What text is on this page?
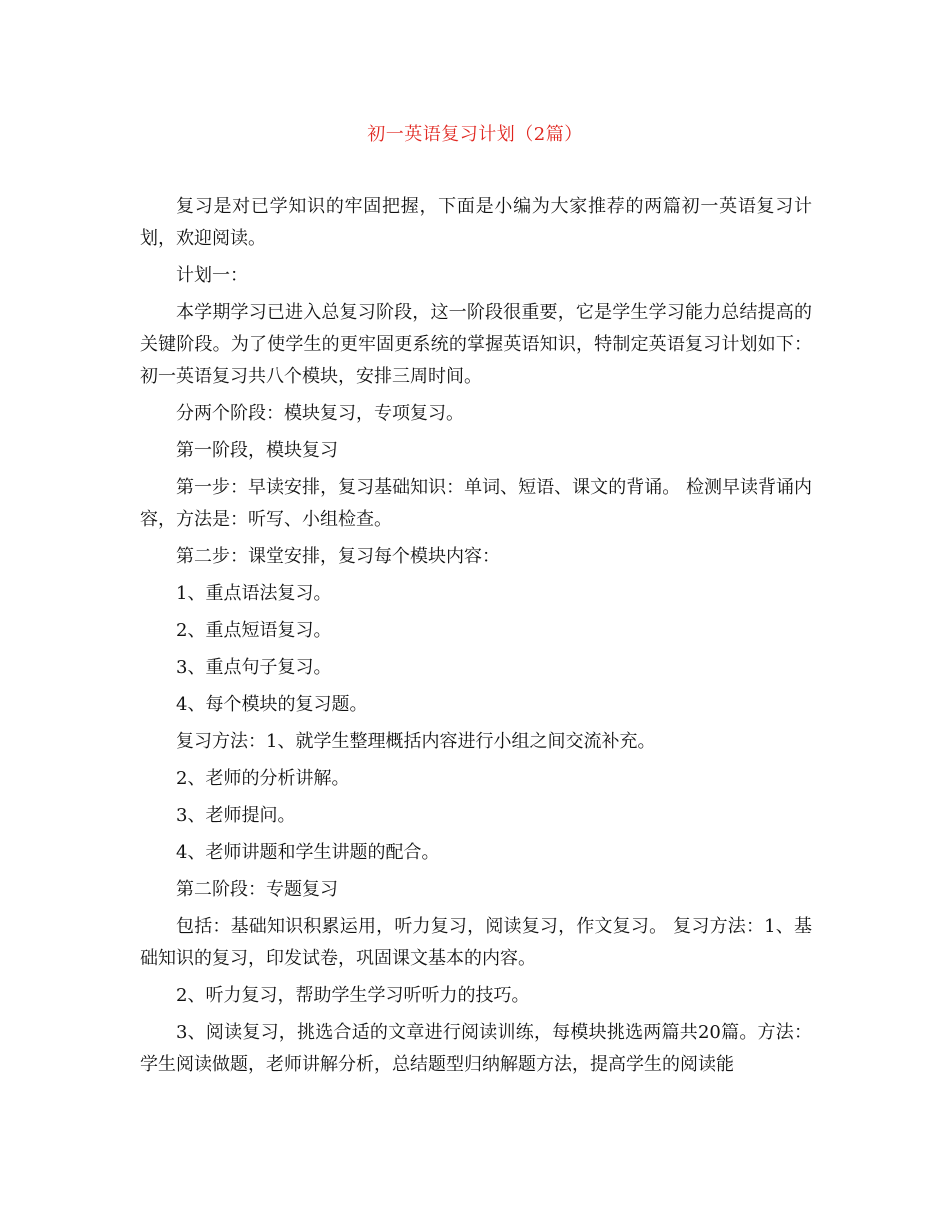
初一英语复习计划（2篇）

复习是对已学知识的牢固把握，下面是小编为大家推荐的两篇初一英语复习计划，欢迎阅读。

计划一：

本学期学习已进入总复习阶段，这一阶段很重要，它是学生学习能力总结提高的关键阶段。为了使学生的更牢固更系统的掌握英语知识，特制定英语复习计划如下： 初一英语复习共八个模块，安排三周时间。

分两个阶段：模块复习，专项复习。

第一阶段，模块复习

第一步：早读安排，复习基础知识：单词、短语、课文的背诵。 检测早读背诵内容，方法是：听写、小组检查。

第二步：课堂安排，复习每个模块内容：

1、重点语法复习。

2、重点短语复习。

3、重点句子复习。

4、每个模块的复习题。

复习方法：1、就学生整理概括内容进行小组之间交流补充。

2、老师的分析讲解。

3、老师提问。

4、老师讲题和学生讲题的配合。

第二阶段：专题复习

包括：基础知识积累运用，听力复习，阅读复习，作文复习。 复习方法：1、基础知识的复习，印发试卷，巩固课文基本的内容。

2、听力复习，帮助学生学习听听力的技巧。

3、阅读复习，挑选合适的文章进行阅读训练，每模块挑选两篇共20篇。方法：学生阅读做题，老师讲解分析，总结题型归纳解题方法，提高学生的阅读能
